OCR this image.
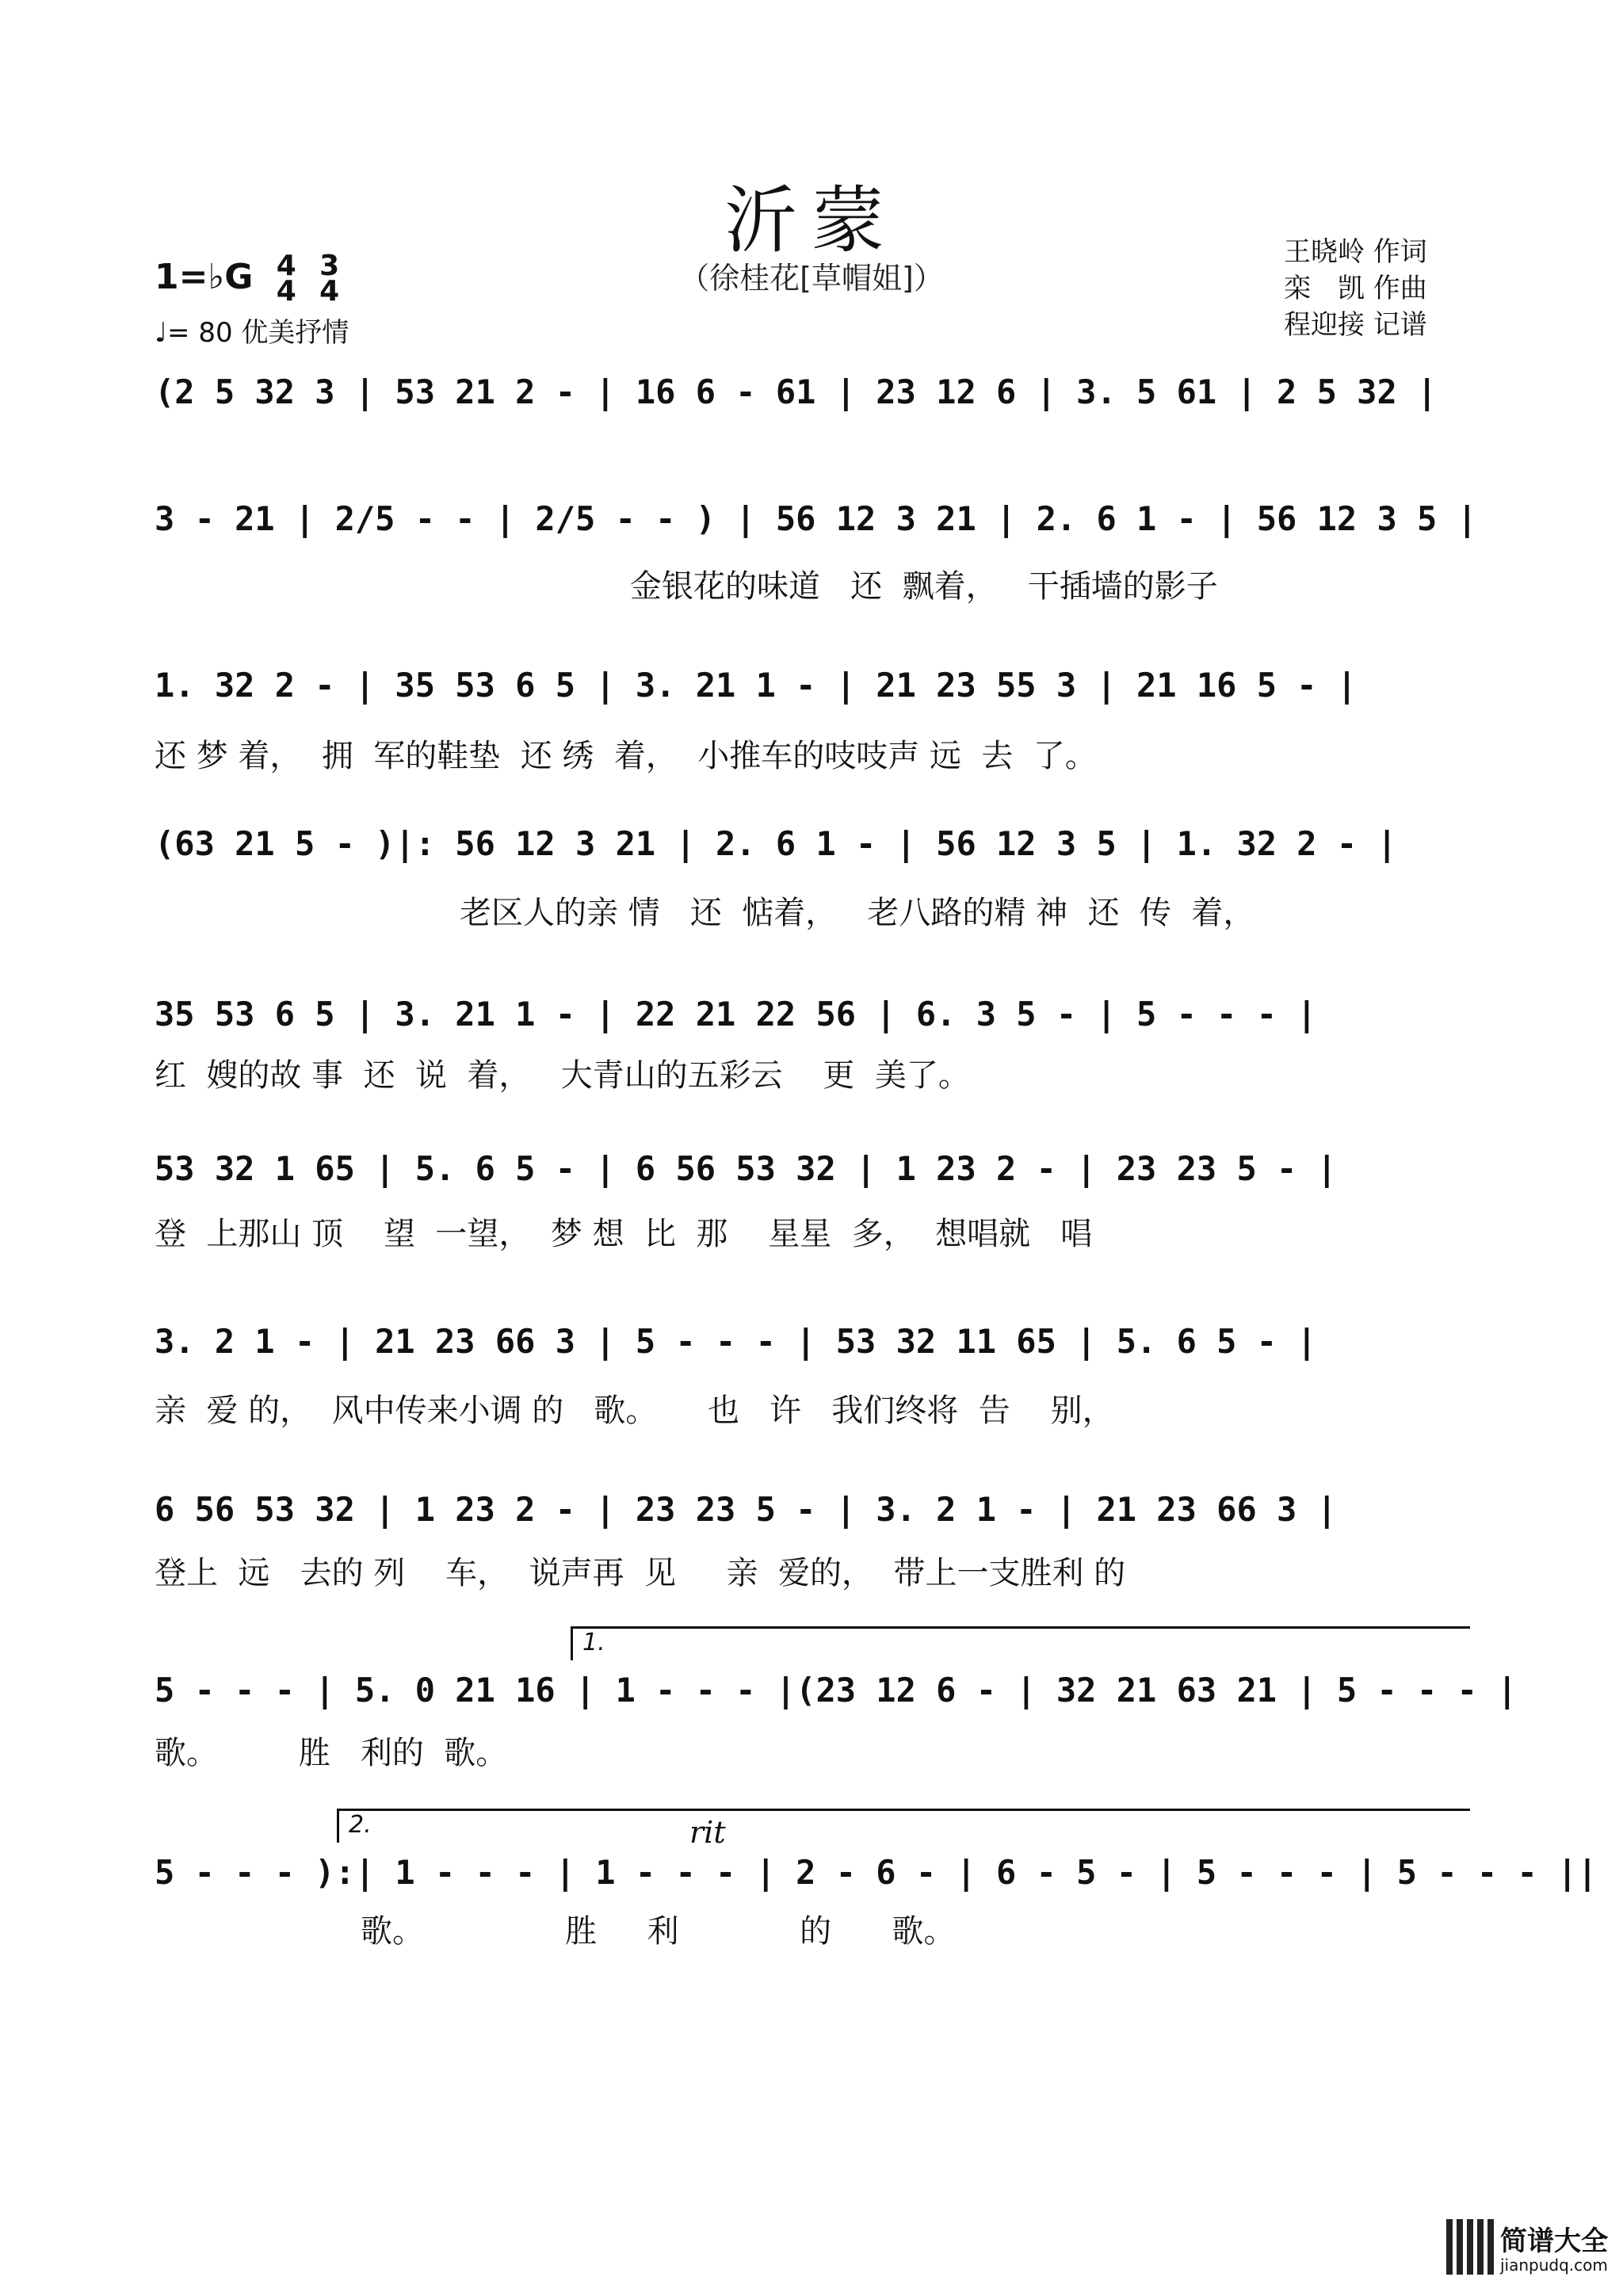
沂蒙
（徐桂花[草帽姐]）
王晓岭 作词
栾　凯 作曲
程迎接 记谱
1=♭G 4
4

3
4
♩= 80 优美抒情
(2 5 32 3 | 53 21 2 - | 16 6 - 61 | 23 12 6 | 3. 5 61 | 2 5 32 |
3 - 21 | 2/5 - - | 2/5 - - ) | 56 12 3 21 | 2. 6 1 - | 56 12 3 5 |
金银花的味道   还  飘着，   干插墙的影子
1. 32 2 - | 35 53 6 5 | 3. 21 1 - | 21 23 55 3 | 21 16 5 - |
还 梦 着，  拥  军的鞋垫  还 绣  着，  小推车的吱吱声 远  去  了。
(63 21 5 - )|: 56 12 3 21 | 2. 6 1 - | 56 12 3 5 | 1. 32 2 - |
老区人的亲 情   还  惦着，   老八路的精 神  还  传  着，
35 53 6 5 | 3. 21 1 - | 22 21 22 56 | 6. 3 5 - | 5 - - - |
红  嫂的故 事  还  说  着，   大青山的五彩云    更  美了。
53 32 1 65 | 5. 6 5 - | 6 56 53 32 | 1 23 2 - | 23 23 5 - |
登  上那山 顶    望  一望，  梦 想  比  那    星星  多，  想唱就   唱
3. 2 1 - | 21 23 66 3 | 5 - - - | 53 32 11 65 | 5. 6 5 - |
亲  爱 的，  风中传来小调 的   歌。     也   许   我们终将  告    别，
6 56 53 32 | 1 23 2 - | 23 23 5 - | 3. 2 1 - | 21 23 66 3 |
登上  远   去的 列    车，  说声再  见     亲  爱的，  带上一支胜利 的
1.
5 - - - | 5. 0 21 16 | 1 - - - |(23 12 6 - | 32 21 63 21 | 5 - - - |
歌。        胜   利的  歌。
2.	rit
5 - - - ):| 1 - - - | 1 - - - | 2 - 6 - | 6 - 5 - | 5 - - - | 5 - - - ||
歌。              胜     利            的      歌。
简谱大全
jianpudq.com
